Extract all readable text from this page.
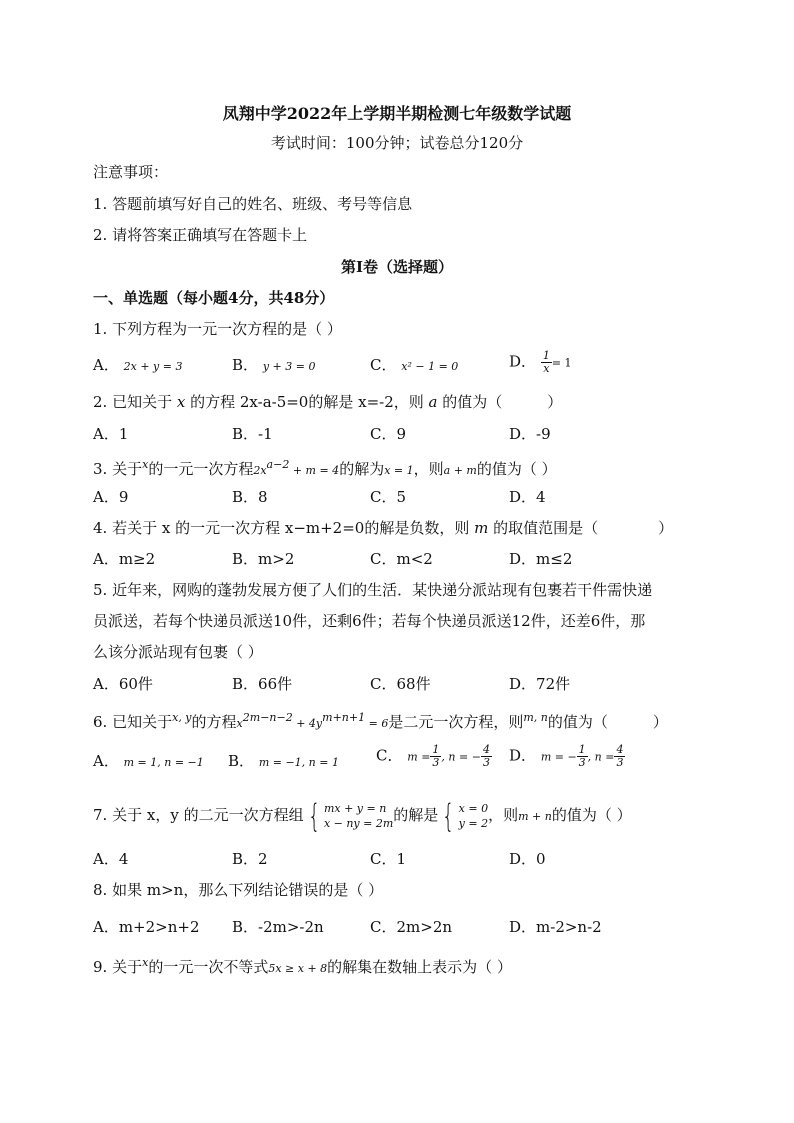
凤翔中学2022年上学期半期检测七年级数学试题
考试时间：100分钟；试卷总分120分
注意事项：
1. 答题前填写好自己的姓名、班级、考号等信息
2. 请将答案正确填写在答题卡上
第I卷（选择题）
一、单选题（每小题4分，共48分）
1. 下列方程为一元一次方程的是（ ）
A． 2x + y = 3	B． y + 3 = 0	C． x² − 1 = 0	D． $\frac{1}{x} = 1$
2. 已知关于 x 的方程 2x-a-5=0的解是 x=-2，则 a 的值为（　　　）
A．1	B．-1	C．9	D．-9
3. 关于$^x$的一元一次方程$2x^{a-2} + m = 4$的解为x = 1，则a + m的值为（ ）
A．9	B．8	C．5	D．4
4. 若关于 x 的一元一次方程 x−m+2=0的解是负数，则 m 的取值范围是（　　　　）
A．m≥2	B．m>2	C．m<2	D．m≤2
5. 近年来，网购的蓬勃发展方便了人们的生活．某快递分派站现有包裹若干件需快递
员派送，若每个快递员派送10件，还剩6件；若每个快递员派送12件，还差6件，那
么该分派站现有包裹（ ）
A．60件	B．66件	C．68件	D．72件
6. 已知关于$^{x, y}$的方程$x^{2m-n-2} + 4y^{m+n+1} = 6$是二元一次方程，则$^{m, n}$的值为（　　　）
A． m = 1, n = −1 B． m = −1, n = 1 C． $m = \frac{1}{3}$ , n = − $\frac{4}{3}$ D． m = − $\frac{1}{3}$ , $n = \frac{4}{3}$
7. 关于 x，y 的二元一次方程组 { mx + y = n
x − ny = 2m 的解是 { x = 0
y = 2 ，则m + n的值为（ ）
A．4	B．2	C．1	D．0
8. 如果 m>n，那么下列结论错误的是（ ）
A．m+2>n+2 B．-2m>-2n	C．2m>2n	D．m-2>n-2
9. 关于$^x$的一元一次不等式5x ≥ x + 8的解集在数轴上表示为（ ）
